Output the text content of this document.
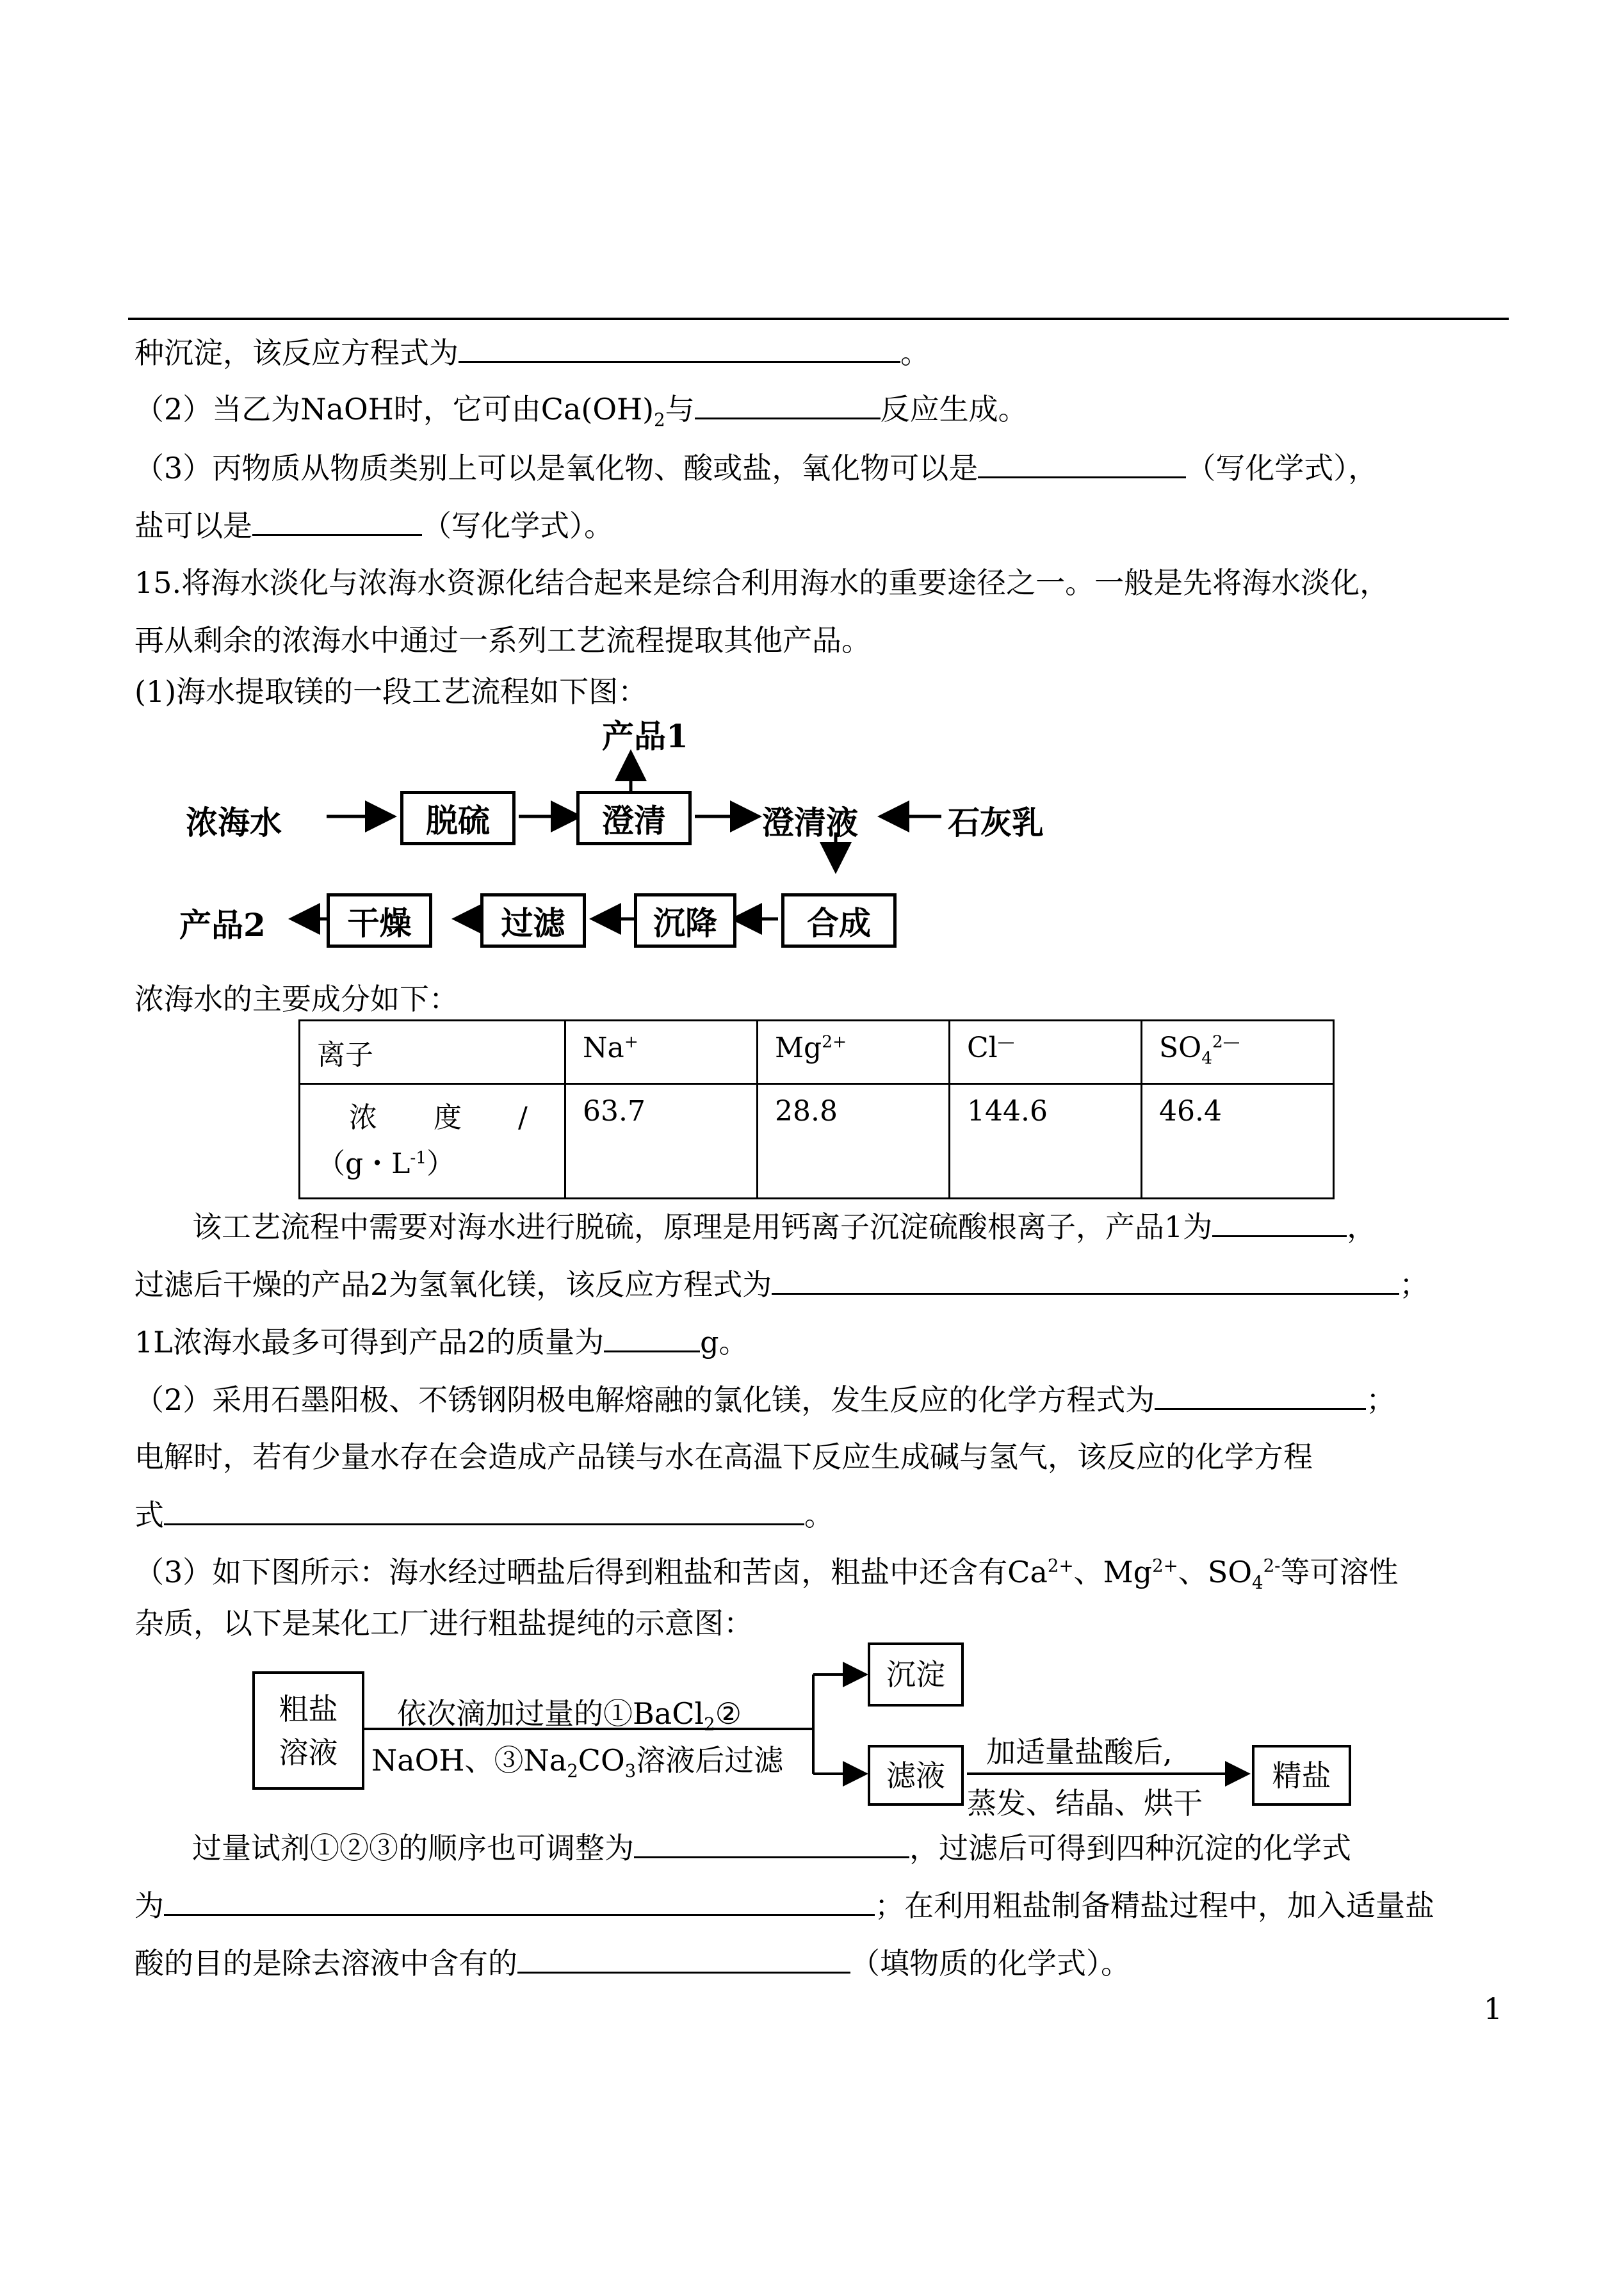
种沉淀，该反应方程式为	。
（2）当乙为NaOH时，它可由$Ca(OH)_2$与	反应生成。
（3）丙物质从物质类别上可以是氧化物、酸或盐，氧化物可以是	（写化学式），
盐可以是	（写化学式）。
15.将海水淡化与浓海水资源化结合起来是综合利用海水的重要途径之一。一般是先将海水淡化，
再从剩余的浓海水中通过一系列工艺流程提取其他产品。
(1)海水提取镁的一段工艺流程如下图：
产品1
浓海水	脱硫	澄清	澄清液	石灰乳
合成
沉降
过滤
干燥
产品2
浓海水的主要成分如下：
离子	Na+	$Mg^{2+}$	Cl—	$SO_4^{2—}$

浓　　度　　/
（g・$L^{-1}$）	63.7	28.8	144.6	46.4
该工艺流程中需要对海水进行脱硫，原理是用钙离子沉淀硫酸根离子，产品1为	，
过滤后干燥的产品2为氢氧化镁，该反应方程式为	；
1L浓海水最多可得到产品2的质量为	g。
（2）采用石墨阳极、不锈钢阴极电解熔融的氯化镁，发生反应的化学方程式为	；
电解时，若有少量水存在会造成产品镁与水在高温下反应生成碱与氢气，该反应的化学方程
式	。
（3）如下图所示：海水经过晒盐后得到粗盐和苦卤，粗盐中还含有$Ca^{2+}$、$Mg^{2+}$、$SO_4^{2-}$等可溶性
杂质，以下是某化工厂进行粗盐提纯的示意图：
粗盐
溶液
依次滴加过量的①BaCl$_2$②
NaOH、$③Na_2CO_3$溶液后过滤
沉淀
滤液
加适量盐酸后,
蒸发、结晶、烘干
精盐
过量试剂①②③的顺序也可调整为	，过滤后可得到四种沉淀的化学式
为	；在利用粗盐制备精盐过程中，加入适量盐
酸的目的是除去溶液中含有的	（填物质的化学式）。
1
